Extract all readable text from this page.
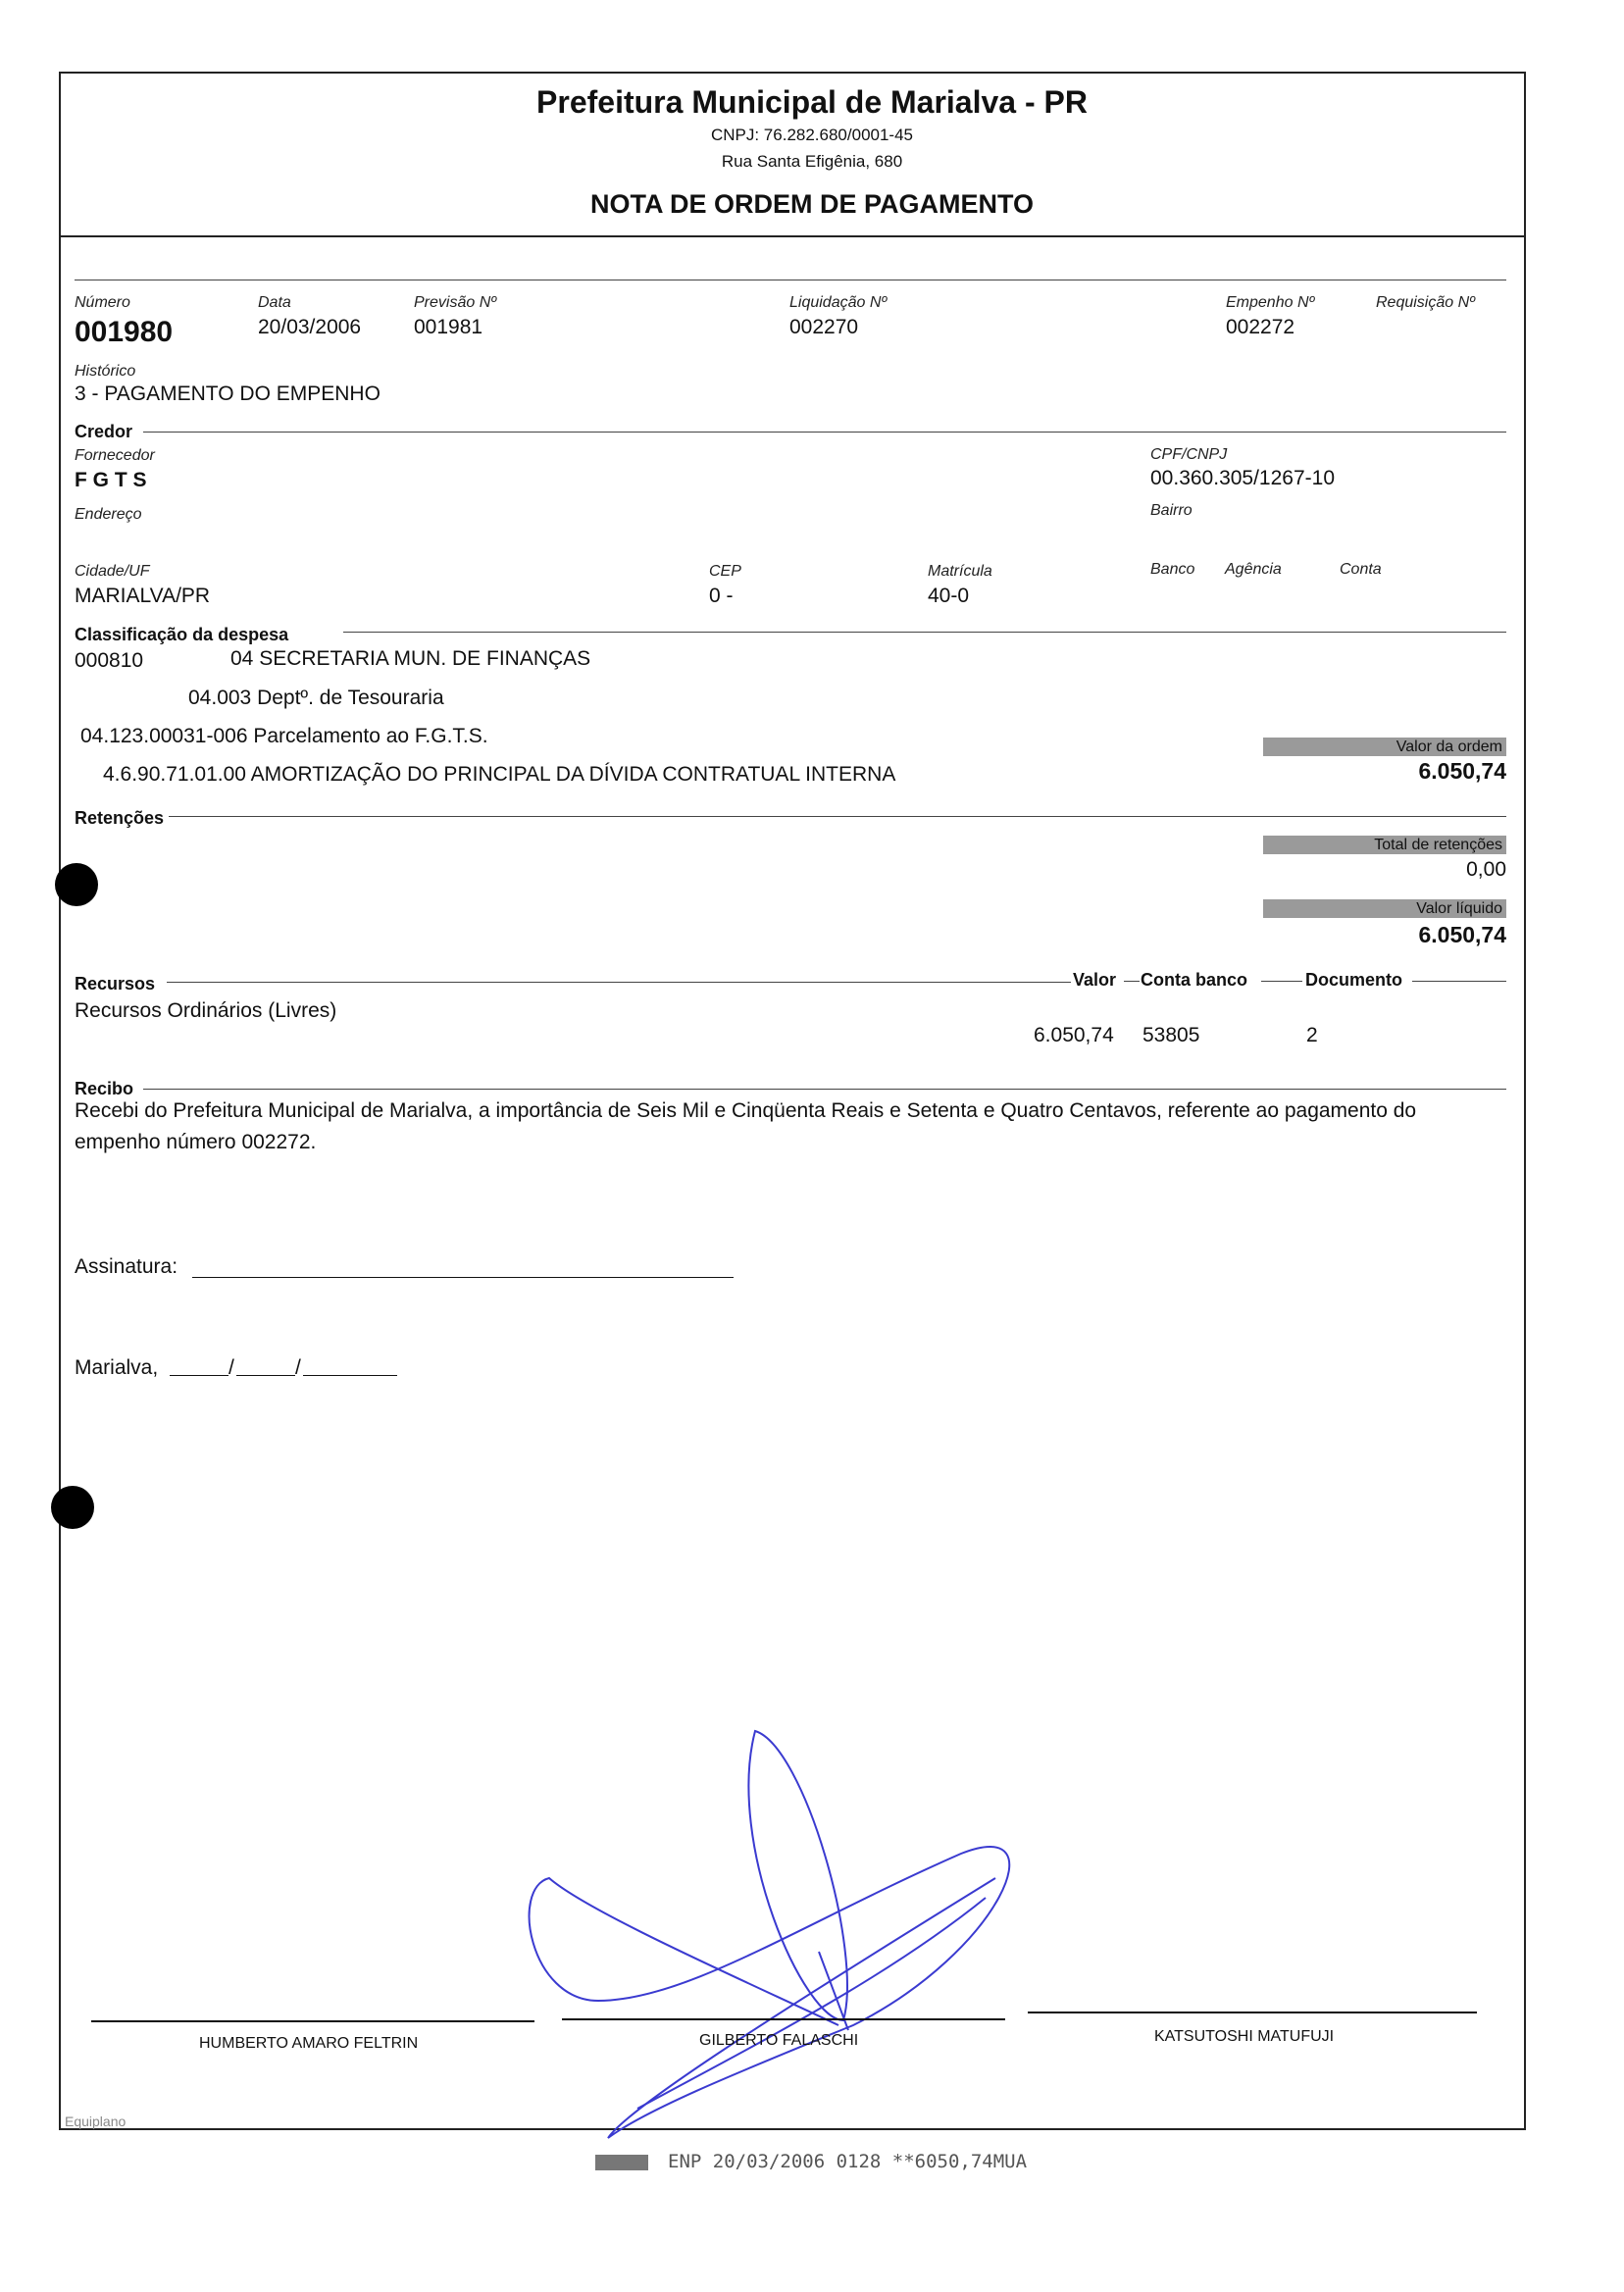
Prefeitura Municipal de Marialva - PR
CNPJ: 76.282.680/0001-45
Rua Santa Efigênia, 680
NOTA DE ORDEM DE PAGAMENTO
Número
001980
Data
20/03/2006
Previsão Nº
001981
Liquidação Nº
002270
Empenho Nº
002272
Requisição Nº
Histórico
3 - PAGAMENTO DO EMPENHO
Credor
Fornecedor
F G T S
CPF/CNPJ
00.360.305/1267-10
Endereço	Bairro
Cidade/UF
MARIALVA/PR
CEP
0 -
Matrícula
40-0
Banco Agência	Conta
Classificação da despesa
000810	04 SECRETARIA MUN. DE FINANÇAS
04.003 Deptº. de Tesouraria
04.123.00031-006 Parcelamento ao F.G.T.S.
4.6.90.71.01.00 AMORTIZAÇÃO DO PRINCIPAL DA DÍVIDA CONTRATUAL INTERNA
Valor da ordem
6.050,74
Retenções
Total de retenções
0,00
Valor líquido
6.050,74
Recursos	Valor Conta banco	Documento
Recursos Ordinários (Livres)
6.050,74 53805	2
Recibo
Recebi do Prefeitura Municipal de Marialva, a importância de Seis Mil e Cinqüenta Reais e Setenta e Quatro Centavos, referente ao pagamento do
empenho número 002272.
Assinatura:
Marialva,	/	/
HUMBERTO AMARO FELTRIN	GILBERTO FALASCHI	KATSUTOSHI MATUFUJI
Equiplano
ENP 20/03/2006 0128 **6050,74MUA
